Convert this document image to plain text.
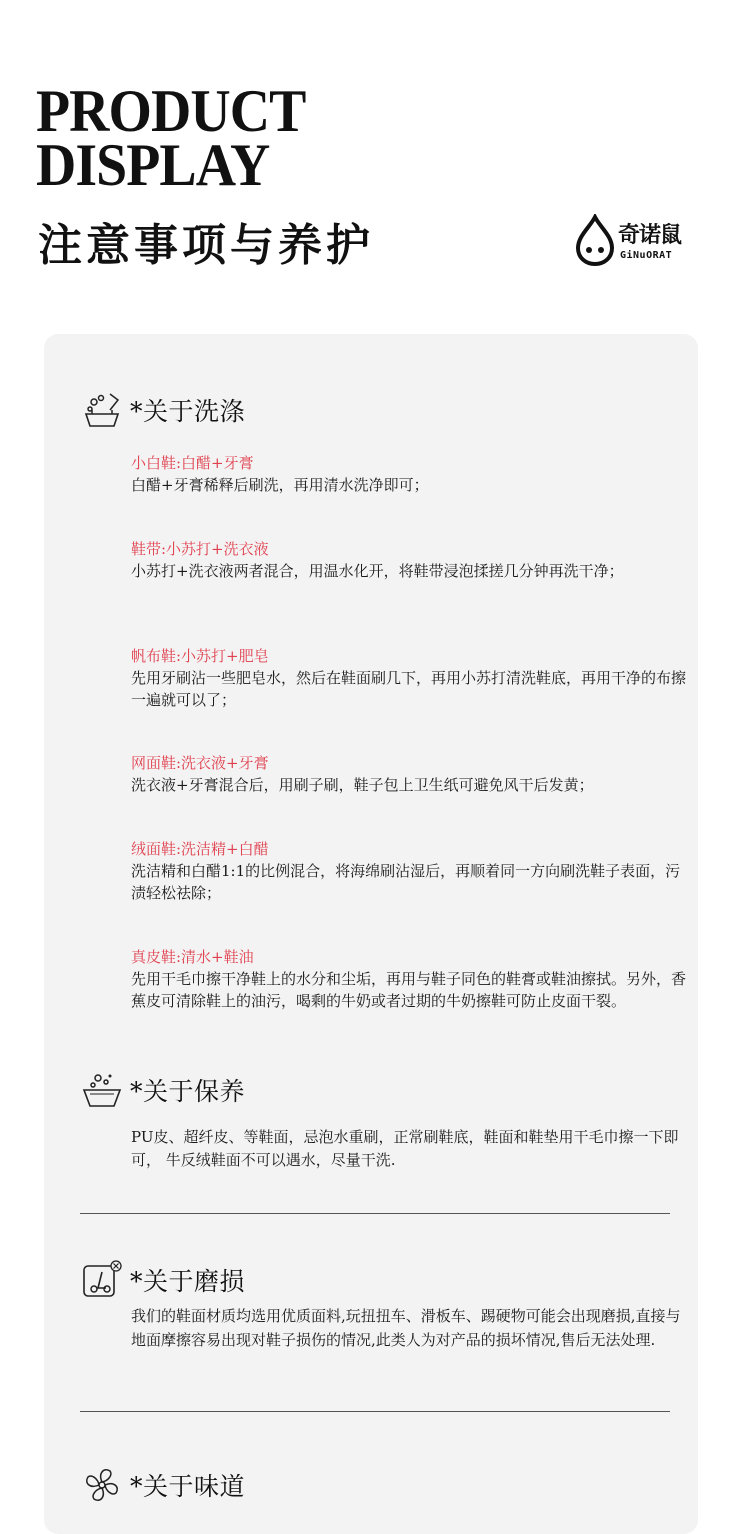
PRODUCT
DISPLAY
注意事项与养护	奇诺鼠
GiNuORAT
*关于洗涤
小白鞋:白醋+牙膏
白醋+牙膏稀释后刷洗，再用清水洗净即可；
鞋带:小苏打+洗衣液
小苏打+洗衣液两者混合，用温水化开，将鞋带浸泡揉搓几分钟再洗干净；
帆布鞋:小苏打+肥皂
先用牙刷沾一些肥皂水，然后在鞋面刷几下，再用小苏打清洗鞋底，再用干净的布擦一遍就可以了；
网面鞋:洗衣液+牙膏
洗衣液+牙膏混合后，用刷子刷，鞋子包上卫生纸可避免风干后发黄；
绒面鞋:洗洁精+白醋
洗洁精和白醋1:1的比例混合，将海绵刷沾湿后，再顺着同一方向刷洗鞋子表面，污渍轻松祛除；
真皮鞋:清水+鞋油
先用干毛巾擦干净鞋上的水分和尘垢，再用与鞋子同色的鞋膏或鞋油擦拭。另外，香蕉皮可清除鞋上的油污，喝剩的牛奶或者过期的牛奶擦鞋可防止皮面干裂。
*关于保养
PU皮、超纤皮、等鞋面，忌泡水重刷，正常刷鞋底，鞋面和鞋垫用干毛巾擦一下即可， 牛反绒鞋面不可以遇水，尽量干洗.
*关于磨损
我们的鞋面材质均选用优质面料,玩扭扭车、滑板车、踢硬物可能会出现磨损,直接与地面摩擦容易出现对鞋子损伤的情况,此类人为对产品的损坏情况,售后无法处理.
*关于味道
